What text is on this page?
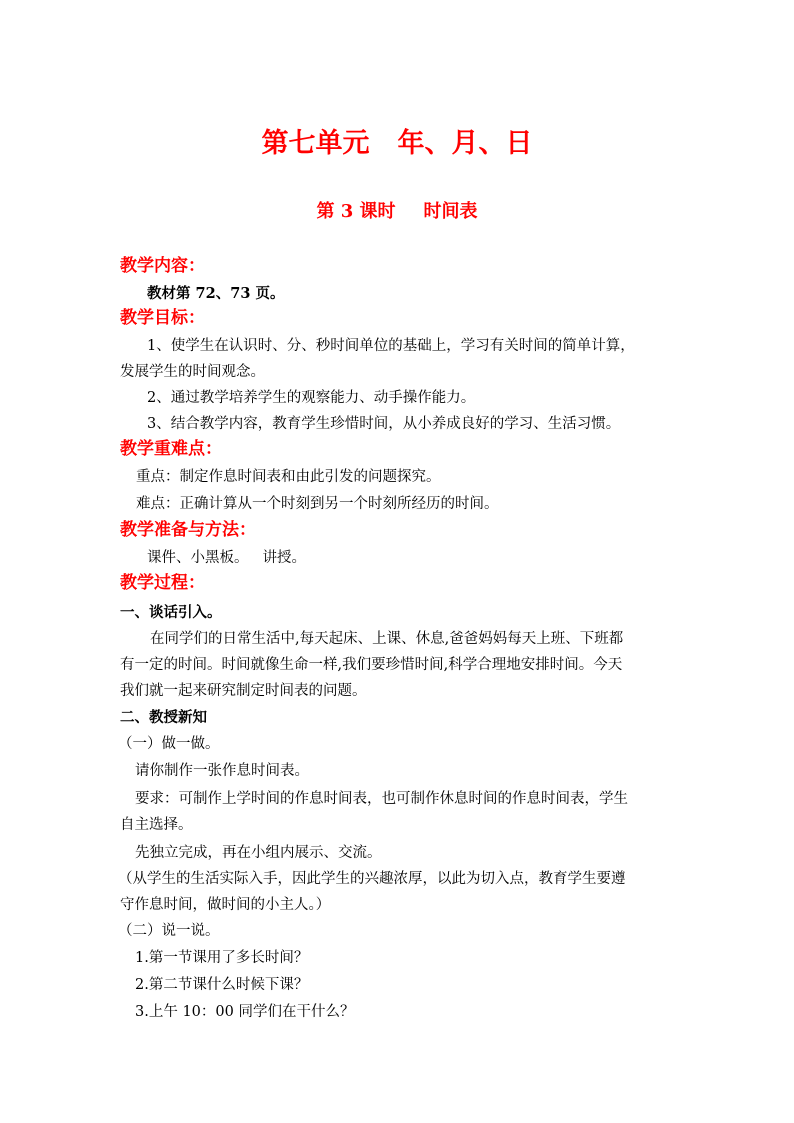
第七单元 年、月、日
第 3 课时 时间表
教学内容：
教材第 72、73 页。
教学目标：
1、使学生在认识时、分、秒时间单位的基础上，学习有关时间的简单计算，
发展学生的时间观念。
2、通过教学培养学生的观察能力、动手操作能力。
3、结合教学内容，教育学生珍惜时间，从小养成良好的学习、生活习惯。
教学重难点：
重点：制定作息时间表和由此引发的问题探究。
难点：正确计算从一个时刻到另一个时刻所经历的时间。
教学准备与方法：
课件、小黑板。 讲授。
教学过程：
一、谈话引入。
在同学们的日常生活中,每天起床、上课、休息,爸爸妈妈每天上班、下班都
有一定的时间。时间就像生命一样,我们要珍惜时间,科学合理地安排时间。今天
我们就一起来研究制定时间表的问题。
二、教授新知
（一）做一做。
请你制作一张作息时间表。
要求：可制作上学时间的作息时间表，也可制作休息时间的作息时间表，学生
自主选择。
先独立完成，再在小组内展示、交流。
（从学生的生活实际入手，因此学生的兴趣浓厚，以此为切入点，教育学生要遵
守作息时间，做时间的小主人。）
（二）说一说。
1.第一节课用了多长时间？
2.第二节课什么时候下课？
3.上午 10：00 同学们在干什么？
